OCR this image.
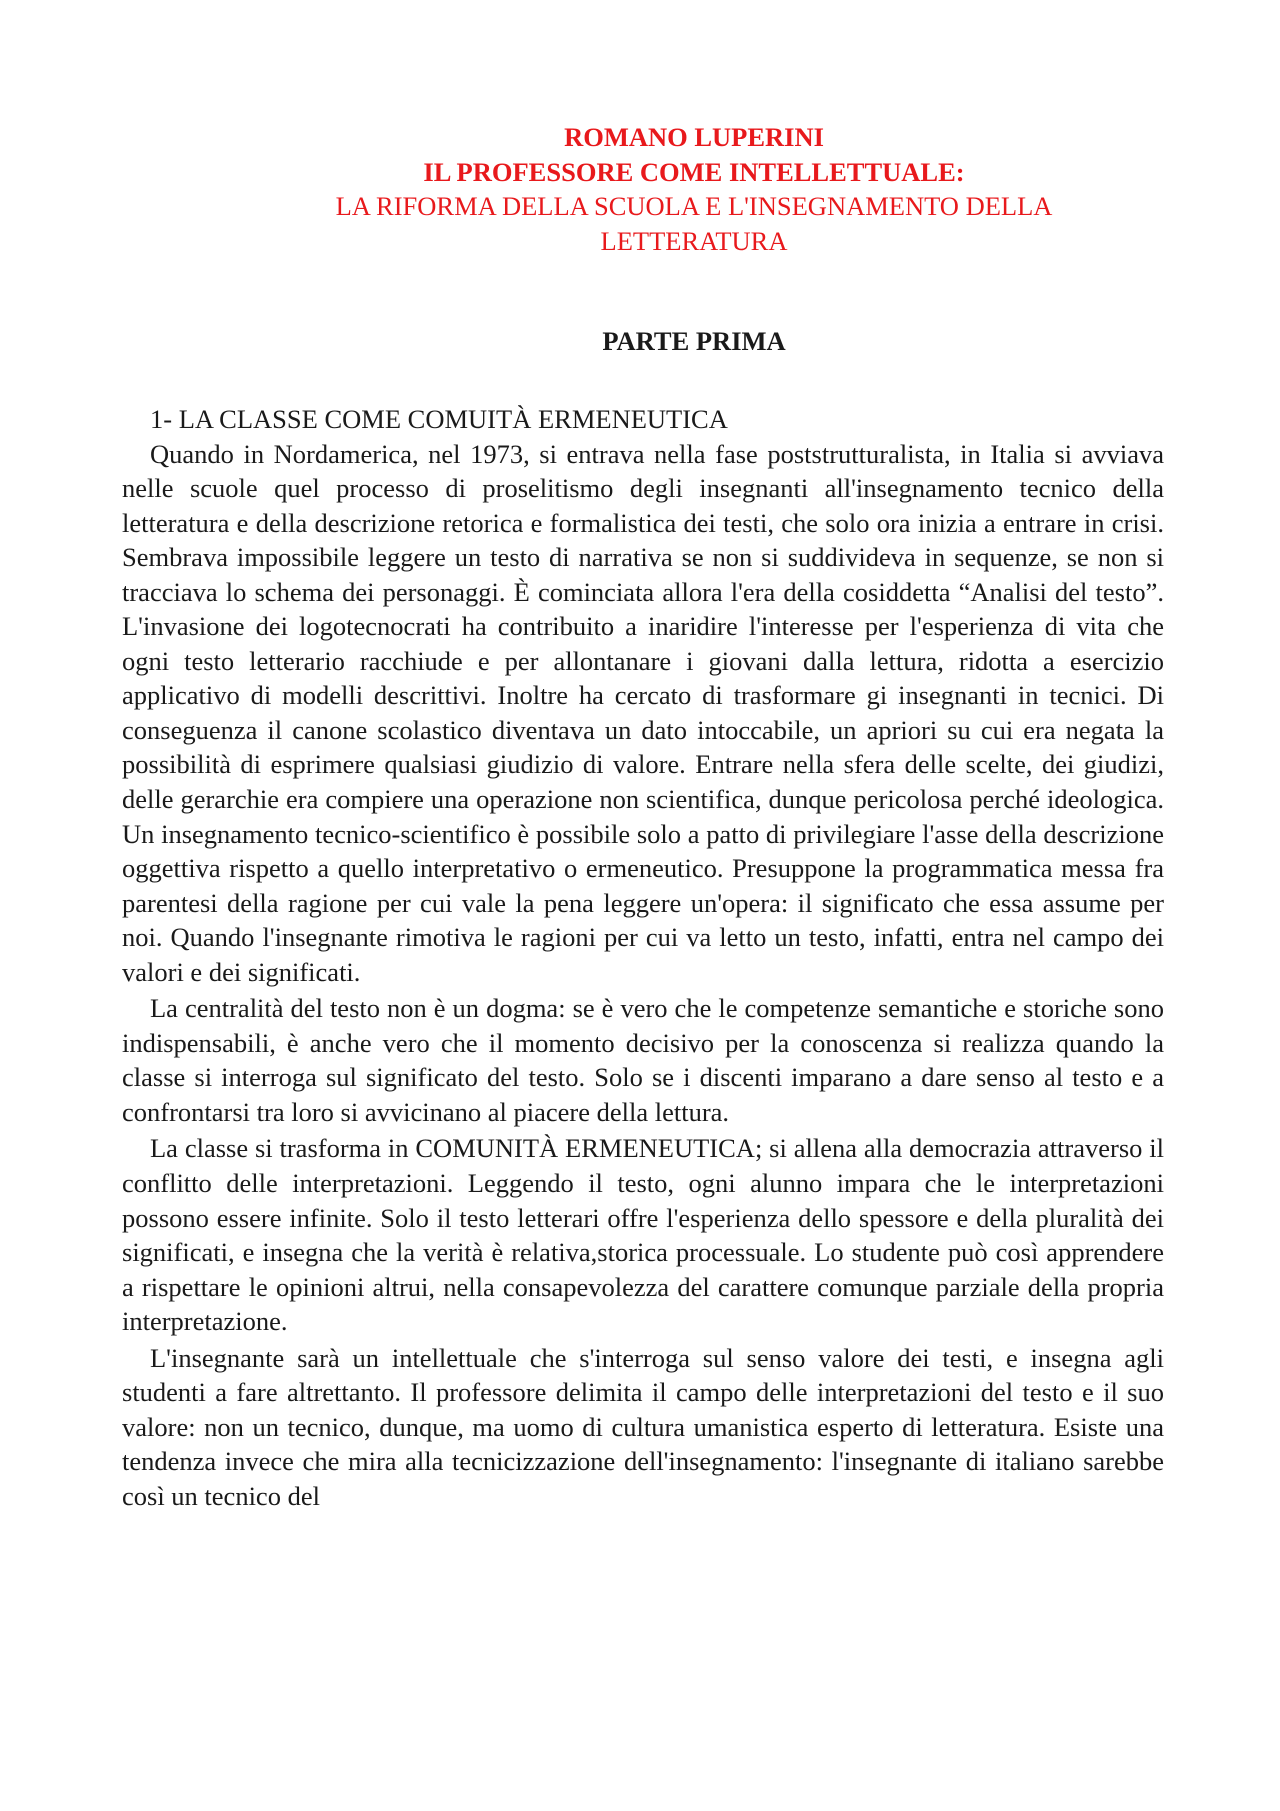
ROMANO LUPERINI
IL PROFESSORE COME INTELLETTUALE:
LA RIFORMA DELLA SCUOLA E L'INSEGNAMENTO DELLA LETTERATURA
PARTE PRIMA
1- LA CLASSE COME COMUITÀ ERMENEUTICA

Quando in Nordamerica, nel 1973, si entrava nella fase poststrutturalista, in Italia si avviava nelle scuole quel processo di proselitismo degli insegnanti all'insegnamento tecnico della letteratura e della descrizione retorica e formalistica dei testi, che solo ora inizia a entrare in crisi. Sembrava impossibile leggere un testo di narrativa se non si suddivideva in sequenze, se non si tracciava lo schema dei personaggi. È cominciata allora l'era della cosiddetta “Analisi del testo”. L'invasione dei logotecnocrati ha contribuito a inaridire l'interesse per l'esperienza di vita che ogni testo letterario racchiude e per allontanare i giovani dalla lettura, ridotta a esercizio applicativo di modelli descrittivi. Inoltre ha cercato di trasformare gi insegnanti in tecnici. Di conseguenza il canone scolastico diventava un dato intoccabile, un apriori su cui era negata la possibilità di esprimere qualsiasi giudizio di valore. Entrare nella sfera delle scelte, dei giudizi, delle gerarchie era compiere una operazione non scientifica, dunque pericolosa perché ideologica. Un insegnamento tecnico-scientifico è possibile solo a patto di privilegiare l'asse della descrizione oggettiva rispetto a quello interpretativo o ermeneutico. Presuppone la programmatica messa fra parentesi della ragione per cui vale la pena leggere un'opera: il significato che essa assume per noi. Quando l'insegnante rimotiva le ragioni per cui va letto un testo, infatti, entra nel campo dei valori e dei significati.

La centralità del testo non è un dogma: se è vero che le competenze semantiche e storiche sono indispensabili, è anche vero che il momento decisivo per la conoscenza si realizza quando la classe si interroga sul significato del testo. Solo se i discenti imparano a dare senso al testo e a confrontarsi tra loro si avvicinano al piacere della lettura.

La classe si trasforma in COMUNITÀ ERMENEUTICA; si allena alla democrazia attraverso il conflitto delle interpretazioni. Leggendo il testo, ogni alunno impara che le interpretazioni possono essere infinite. Solo il testo letterari offre l'esperienza dello spessore e della pluralità dei significati, e insegna che la verità è relativa,storica processuale. Lo studente può così apprendere a rispettare le opinioni altrui, nella consapevolezza del carattere comunque parziale della propria interpretazione.

L'insegnante sarà un intellettuale che s'interroga sul senso valore dei testi, e insegna agli studenti a fare altrettanto. Il professore delimita il campo delle interpretazioni del testo e il suo valore: non un tecnico, dunque, ma uomo di cultura umanistica esperto di letteratura. Esiste una tendenza invece che mira alla tecnicizzazione dell'insegnamento: l'insegnante di italiano sarebbe così un tecnico del
